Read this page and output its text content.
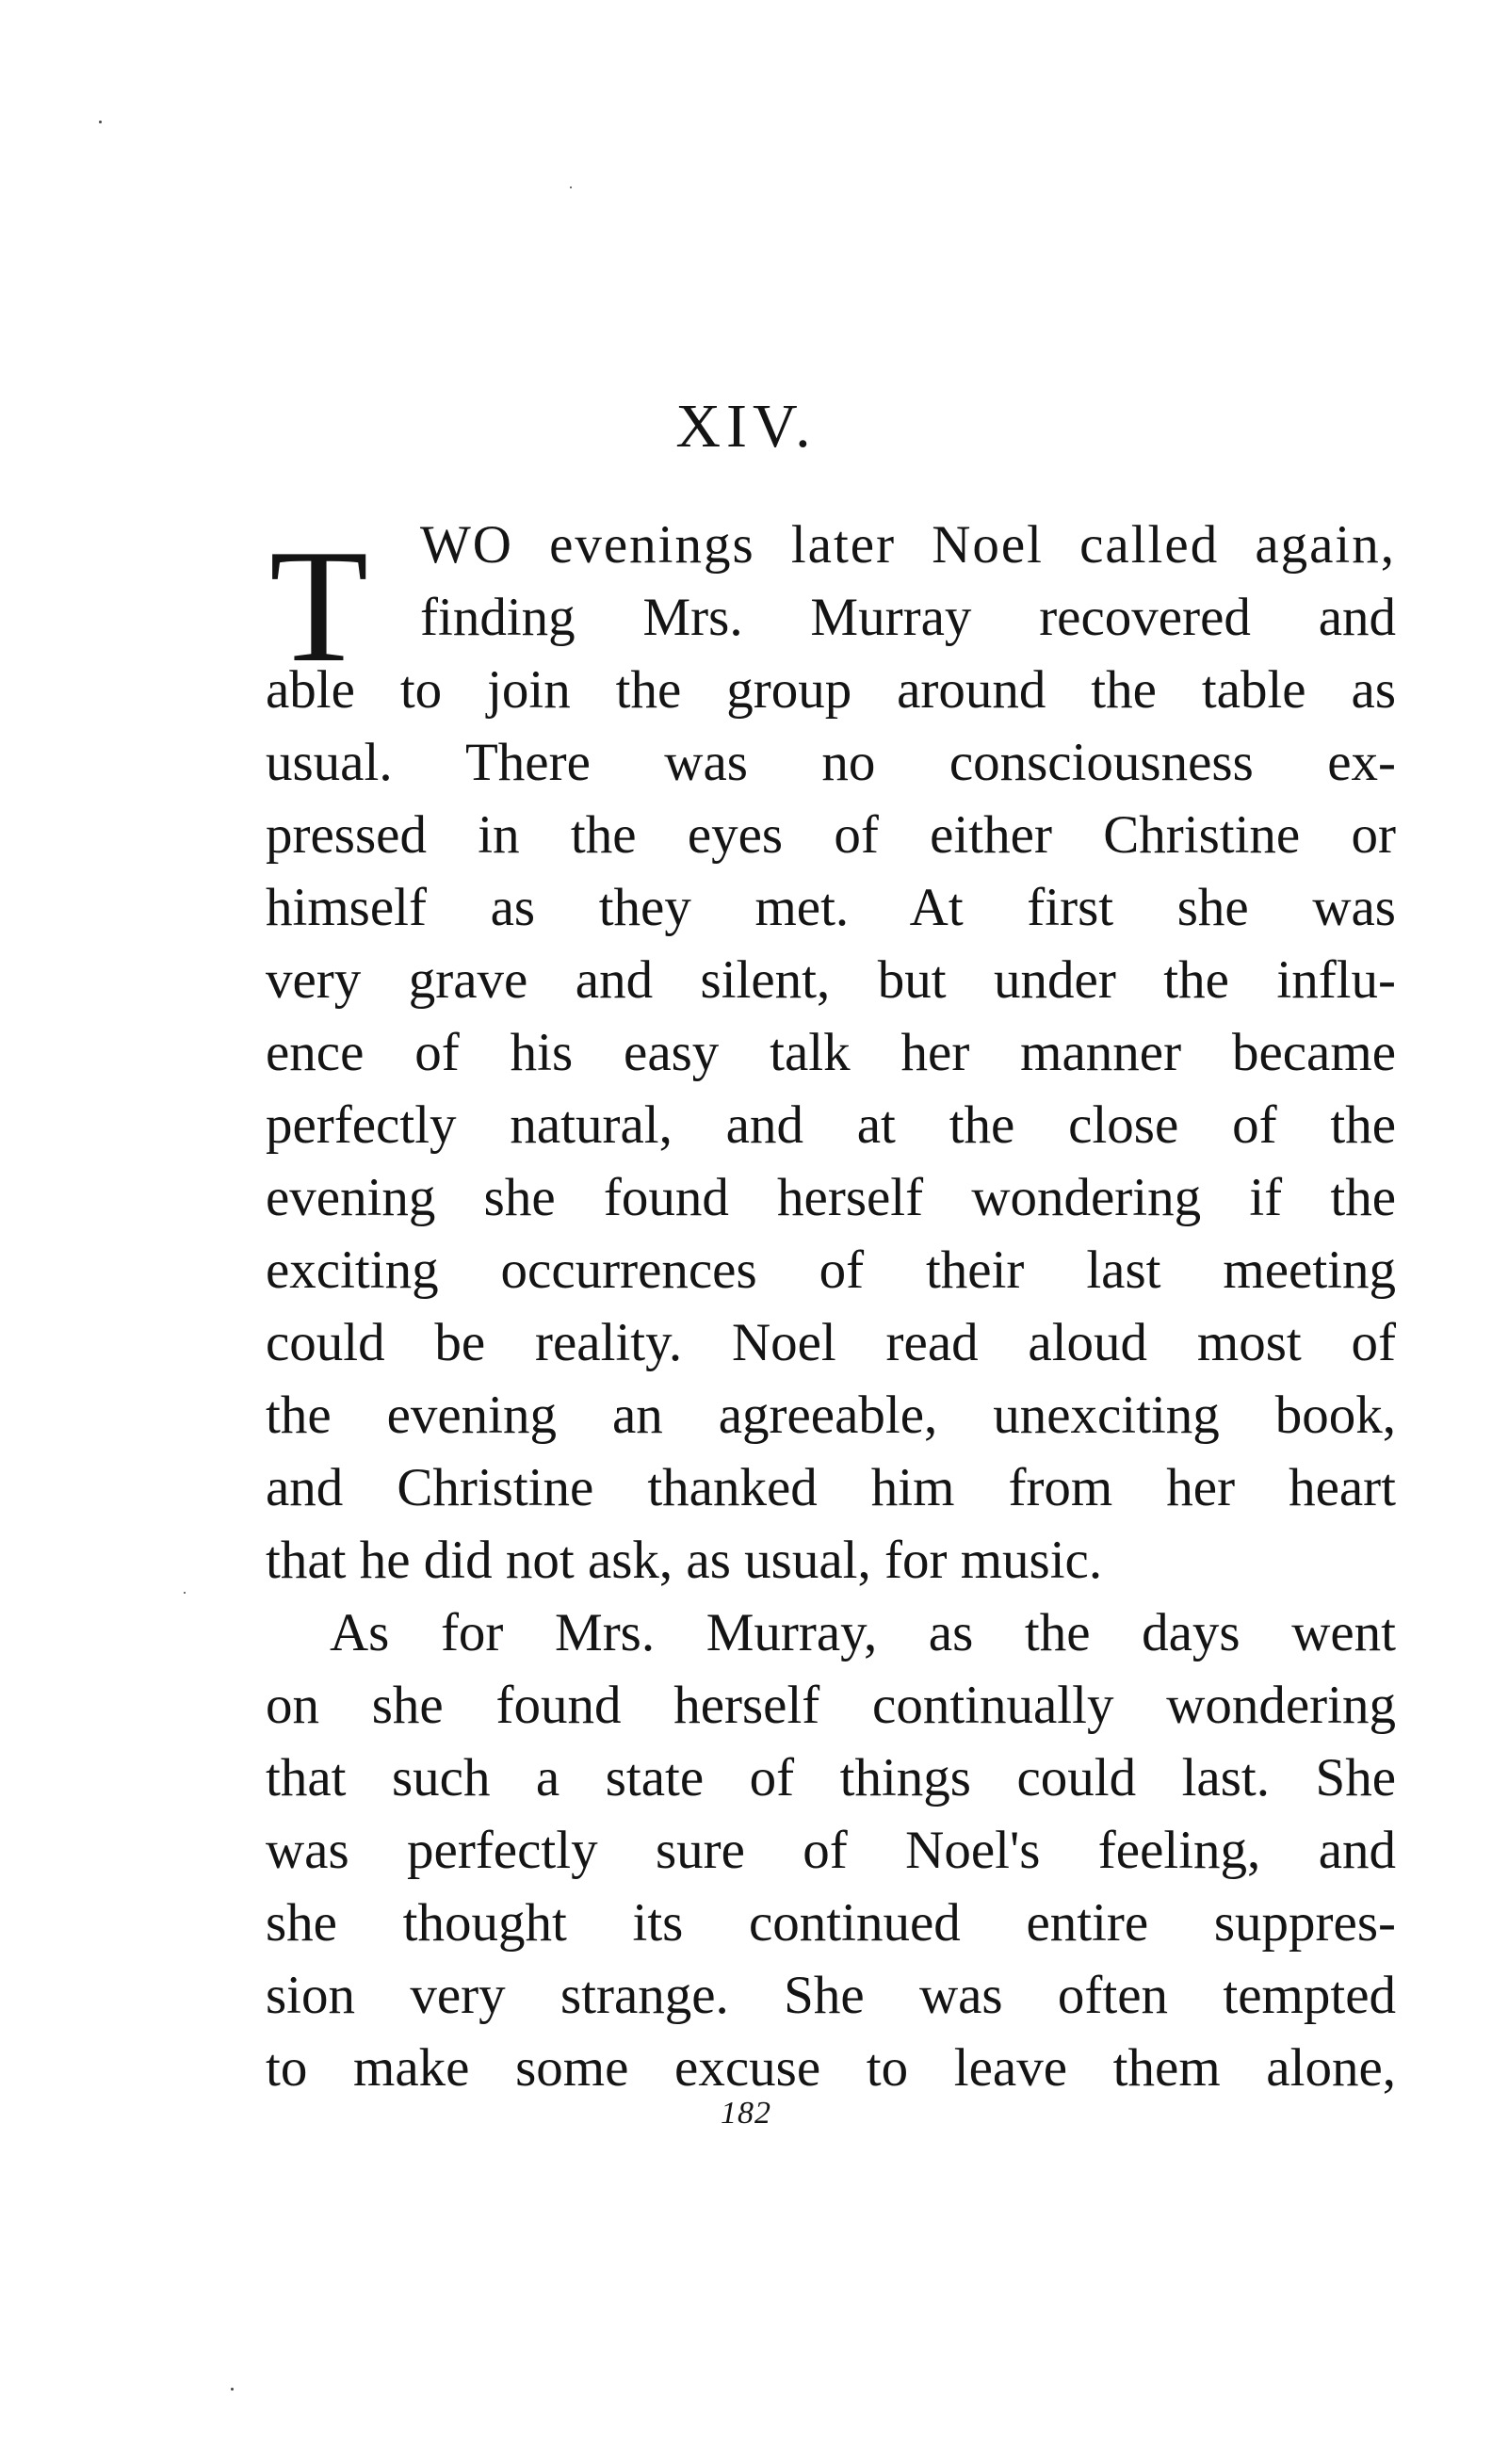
XIV.
T WO evenings later Noel called again,
finding Mrs. Murray recovered and
able to join the group around the table as
usual. There was no consciousness ex-
pressed in the eyes of either Christine or
himself as they met. At first she was
very grave and silent, but under the influ-
ence of his easy talk her manner became
perfectly natural, and at the close of the
evening she found herself wondering if the
exciting occurrences of their last meeting
could be reality. Noel read aloud most of
the evening an agreeable, unexciting book,
and Christine thanked him from her heart
that he did not ask, as usual, for music.
As for Mrs. Murray, as the days went
on she found herself continually wondering
that such a state of things could last. She
was perfectly sure of Noel's feeling, and
she thought its continued entire suppres-
sion very strange. She was often tempted
to make some excuse to leave them alone,
182
